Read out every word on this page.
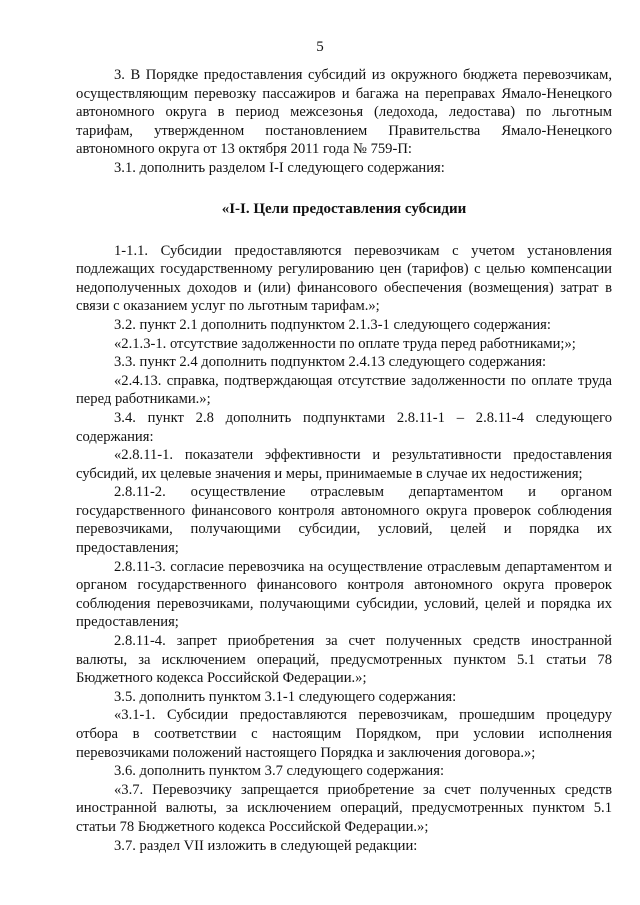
5

3. В Порядке предоставления субсидий из окружного бюджета перевозчикам, осуществляющим перевозку пассажиров и багажа на переправах Ямало-Ненецкого автономного округа в период межсезонья (ледохода, ледостава) по льготным тарифам, утвержденном постановлением Правительства Ямало-Ненецкого автономного округа от 13 октября 2011 года № 759-П:

3.1. дополнить разделом I-I следующего содержания:

«I-I. Цели предоставления субсидии

1-1.1. Субсидии предоставляются перевозчикам с учетом установления подлежащих государственному регулированию цен (тарифов) с целью компенсации недополученных доходов и (или) финансового обеспечения (возмещения) затрат в связи с оказанием услуг по льготным тарифам.»;

3.2. пункт 2.1 дополнить подпунктом 2.1.3-1 следующего содержания:

«2.1.3-1. отсутствие задолженности по оплате труда перед работниками;»;

3.3. пункт 2.4 дополнить подпунктом 2.4.13 следующего содержания:

«2.4.13. справка, подтверждающая отсутствие задолженности по оплате труда перед работниками.»;

3.4. пункт 2.8 дополнить подпунктами 2.8.11-1 – 2.8.11-4 следующего содержания:

«2.8.11-1. показатели эффективности и результативности предоставления субсидий, их целевые значения и меры, принимаемые в случае их недостижения;

2.8.11-2. осуществление отраслевым департаментом и органом государственного финансового контроля автономного округа проверок соблюдения перевозчиками, получающими субсидии, условий, целей и порядка их предоставления;

2.8.11-3. согласие перевозчика на осуществление отраслевым департаментом и органом государственного финансового контроля автономного округа проверок соблюдения перевозчиками, получающими субсидии, условий, целей и порядка их предоставления;

2.8.11-4. запрет приобретения за счет полученных средств иностранной валюты, за исключением операций, предусмотренных пунктом 5.1 статьи 78 Бюджетного кодекса Российской Федерации.»;

3.5. дополнить пунктом 3.1-1 следующего содержания:

«3.1-1. Субсидии предоставляются перевозчикам, прошедшим процедуру отбора в соответствии с настоящим Порядком, при условии исполнения перевозчиками положений настоящего Порядка и заключения договора.»;

3.6. дополнить пунктом 3.7 следующего содержания:

«3.7. Перевозчику запрещается приобретение за счет полученных средств иностранной валюты, за исключением операций, предусмотренных пунктом 5.1 статьи 78 Бюджетного кодекса Российской Федерации.»;

3.7. раздел VII изложить в следующей редакции:
